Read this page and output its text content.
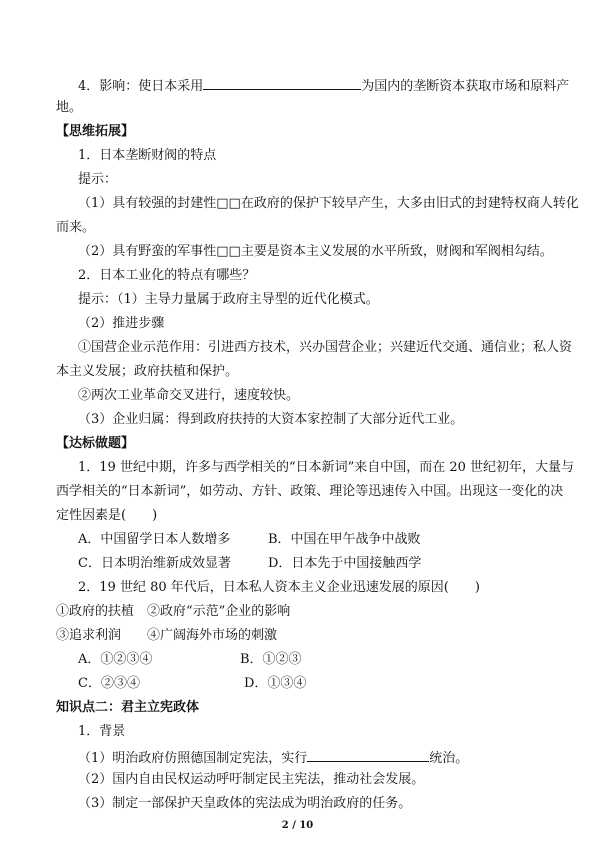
4．影响：使日本采用	为国内的垄断资本获取市场和原料产
地。
【思维拓展】
1．日本垄断财阀的特点
提示：
（1）具有较强的封建性□□在政府的保护下较早产生，大多由旧式的封建特权商人转化
而来。
（2）具有野蛮的军事性□□主要是资本主义发展的水平所致，财阀和军阀相勾结。
2．日本工业化的特点有哪些？
提示：（1）主导力量属于政府主导型的近代化模式。
（2）推进步骤
①国营企业示范作用：引进西方技术，兴办国营企业；兴建近代交通、通信业；私人资
本主义发展；政府扶植和保护。
②两次工业革命交叉进行，速度较快。
（3）企业归属：得到政府扶持的大资本家控制了大部分近代工业。
【达标做题】
1．19 世纪中期，许多与西学相关的“日本新词”来自中国，而在 20 世纪初年，大量与
西学相关的“日本新词”，如劳动、方针、政策、理论等迅速传入中国。出现这一变化的决
定性因素是(　　)
A．中国留学日本人数增多	B．中国在甲午战争中战败
C．日本明治维新成效显著	D．日本先于中国接触西学
2．19 世纪 80 年代后，日本私人资本主义企业迅速发展的原因(　　)
①政府的扶植　②政府“示范”企业的影响
③追求利润　　④广阔海外市场的刺激
A．①②③④	B．①②③
C．②③④	D．①③④
知识点二：君主立宪政体
1．背景
（1）明治政府仿照德国制定宪法，实行	统治。
（2）国内自由民权运动呼吁制定民主宪法，推动社会发展。
（3）制定一部保护天皇政体的宪法成为明治政府的任务。
2 / 10
